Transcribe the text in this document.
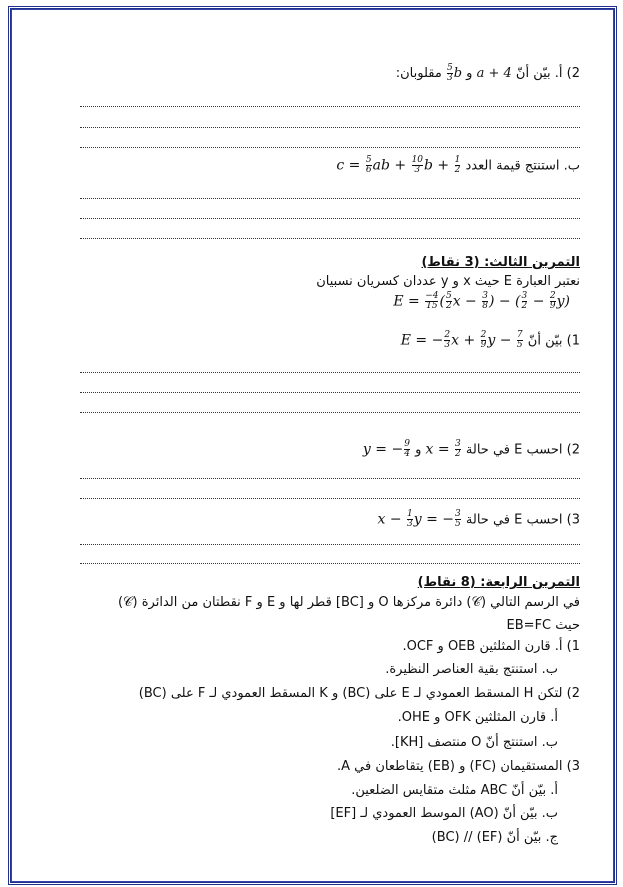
2) أ. بيّن أنّ a + 4 و
$\frac{5}{3}$ b مقلوبان:
ب. استنتج قيمة العدد $c = \frac{5}{6}$ ab + $\frac{10}{3}$ $b + \frac{1}{2}$
التمرين الثالث: (3 نقاط)
نعتبر العبارة E حيث x و y عددان كسريان نسبيان
$E = \frac{-4}{15}$ ( $\frac{5}{2}$ $x - \frac{3}{8}$ ) − ( $\frac{3}{2} - \frac{2}{9} y$)
1) بيّن أنّ E = − $\frac{2}{3}$ $x + \frac{2}{9}$ $y - \frac{7}{5}$
2) احسب E في حالة $x = \frac{3}{2}$
و y = − $\frac{9}{4}$
3) احسب E في حالة $x - \frac{1}{3}$ y = − $\frac{3}{5}$
التمرين الرابعة: (8 نقاط)
في الرسم التالي (𝒞) دائرة مركزها O و [BC] قطر لها و E و F نقطتان من الدائرة (𝒞)
حيث EB=FC
1) أ. قارن المثلثين OEB و OCF.
ب. استنتج بقية العناصر النظيرة.
2) لتكن H المسقط العمودي لـ E على (BC) و K المسقط العمودي لـ F على (BC)
أ. قارن المثلثين OFK و OHE.
ب. استنتج أنّ O منتصف [KH].
3) المستقيمان (FC) و (EB) يتقاطعان في A.
أ. بيّن أنّ ABC مثلث متقايس الضلعين.
ب. بيّن أنّ (AO) الموسط العمودي لـ [EF]
ج. بيّن أنّ (EF) // (BC)
